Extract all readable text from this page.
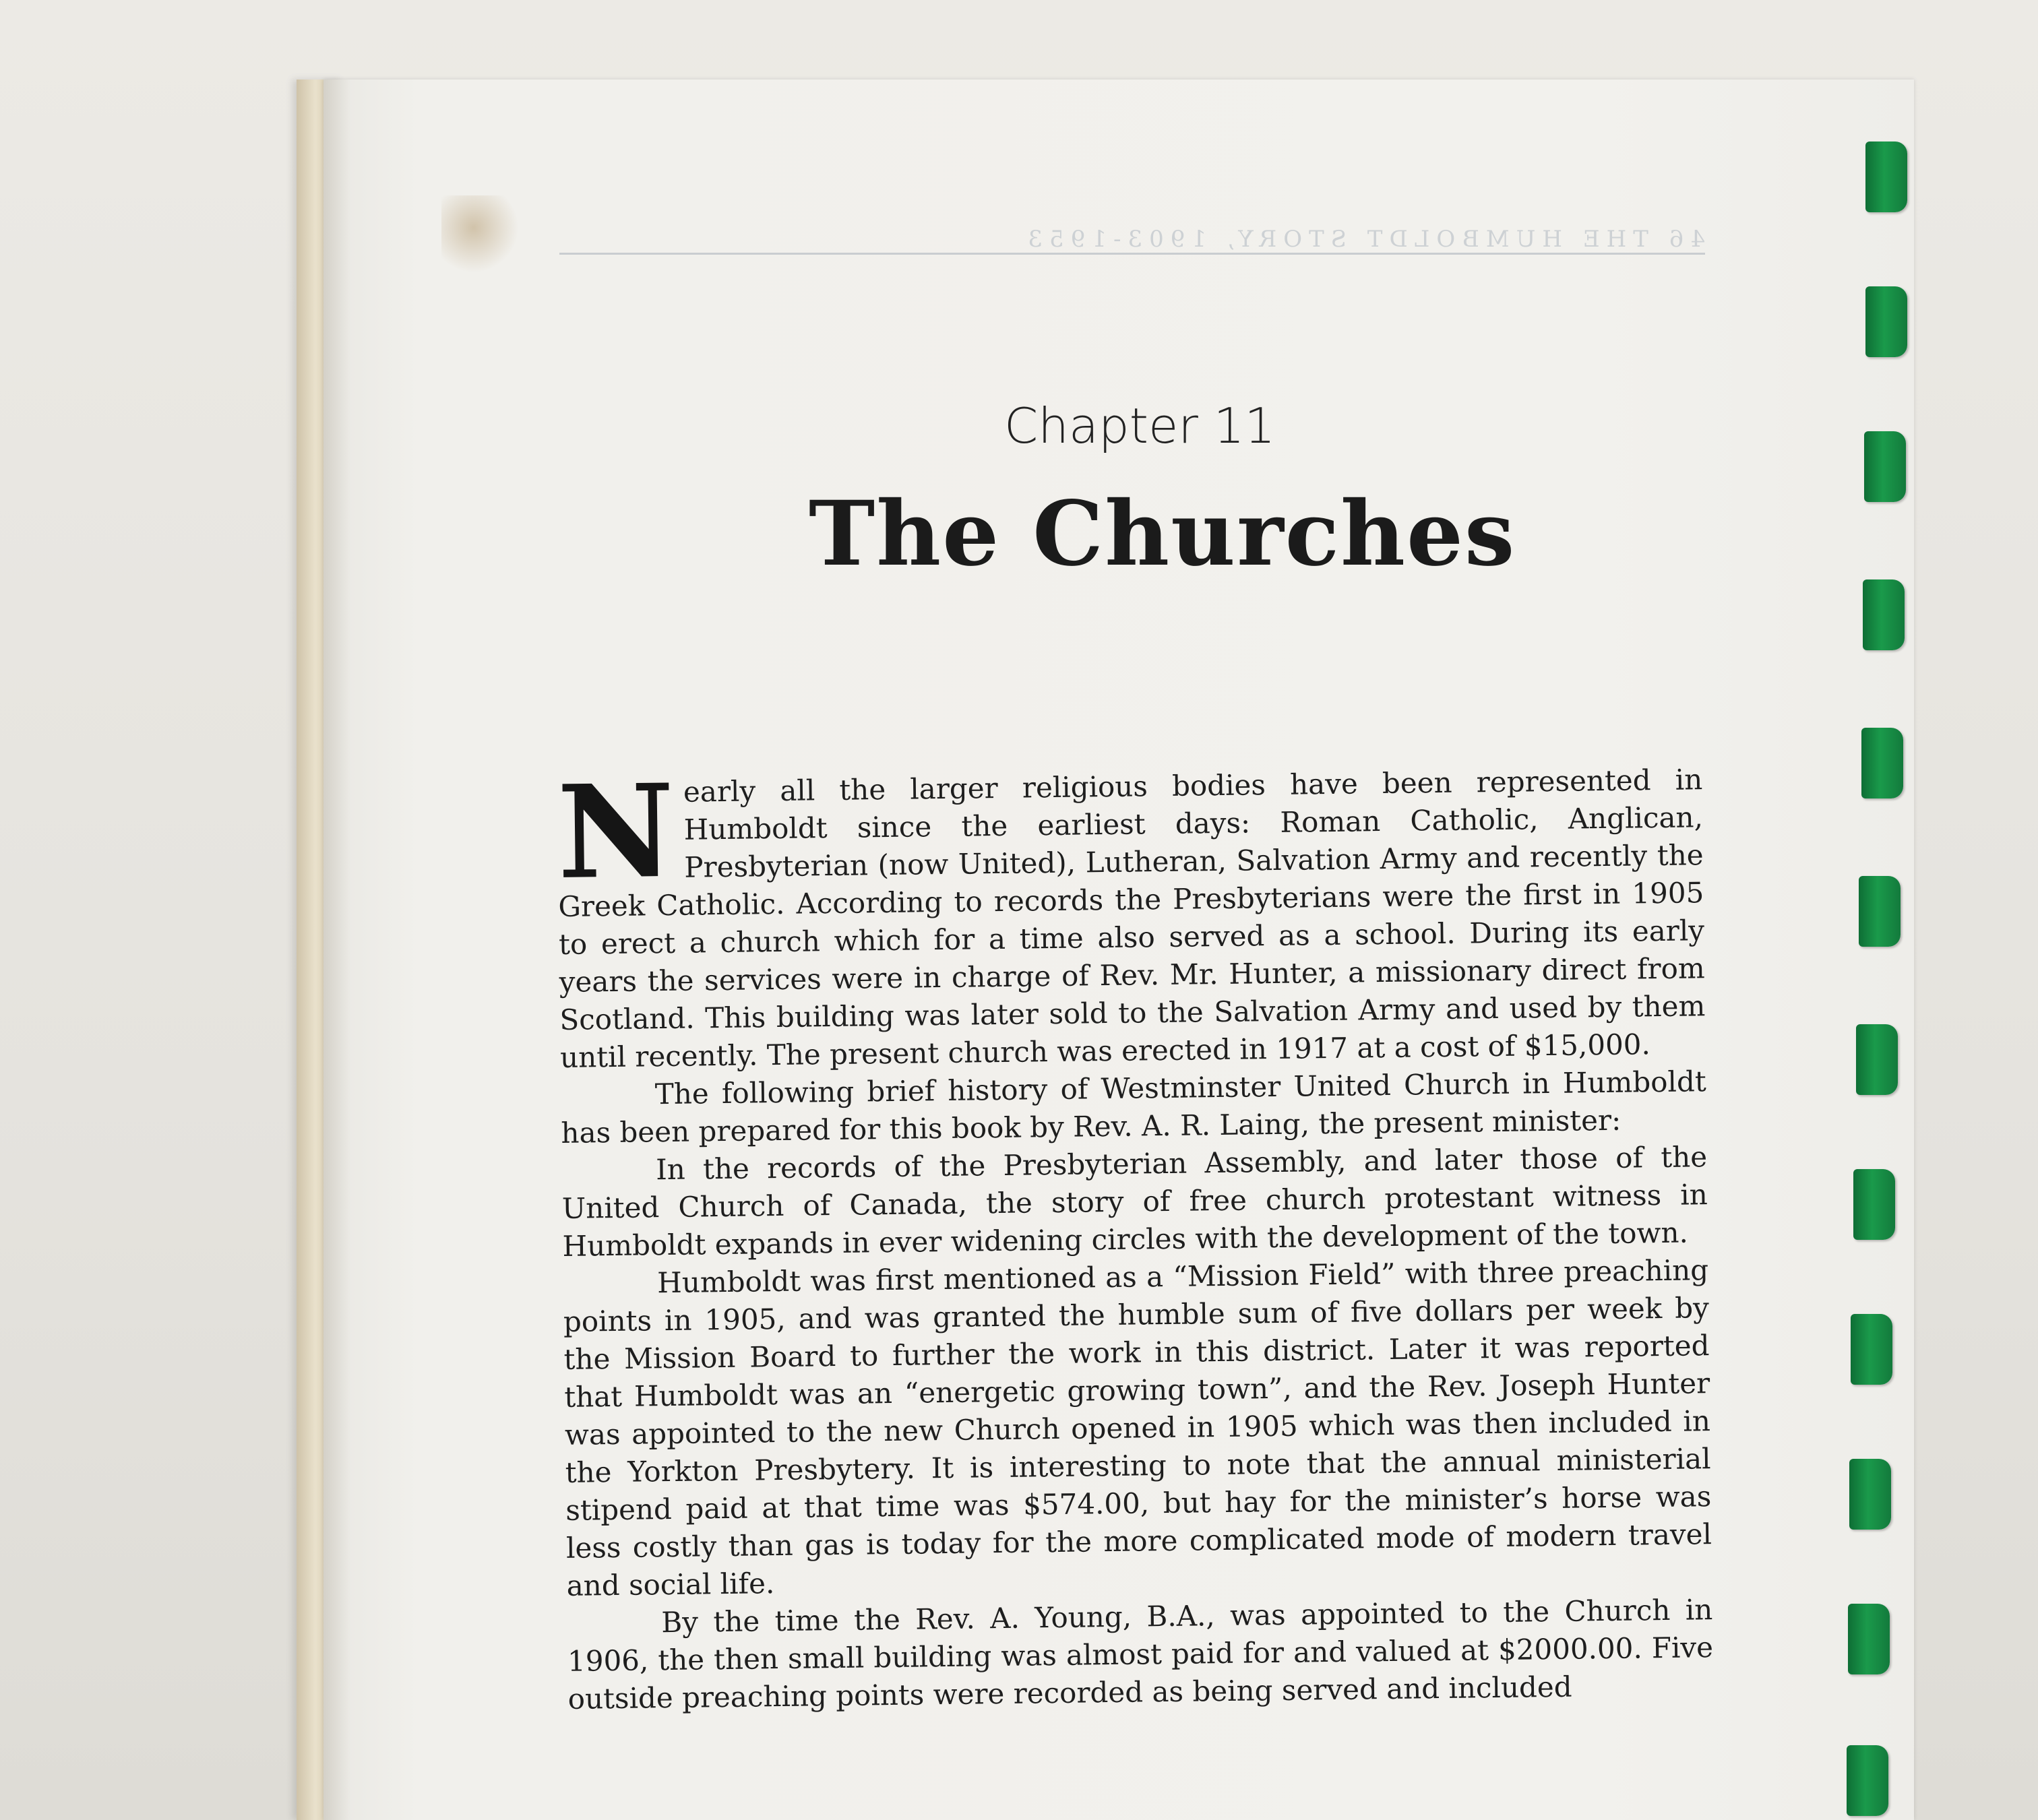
46 THE HUMBOLDT STORY, 1903-1953
Chapter 11
The Churches

Nearly all the larger religious bodies have been represented in Humboldt since the earliest days: Roman Catholic, Anglican, Presbyterian (now United), Lutheran, Salvation Army and recently the Greek Catholic. According to records the Presbyterians were the first in 1905 to erect a church which for a time also served as a school. During its early years the services were in charge of Rev. Mr. Hunter, a missionary direct from Scotland. This building was later sold to the Salvation Army and used by them until recently. The present church was erected in 1917 at a cost of $15,000.

The following brief history of Westminster United Church in Humboldt has been prepared for this book by Rev. A. R. Laing, the present minister:

In the records of the Presbyterian Assembly, and later those of the United Church of Canada, the story of free church protestant witness in Humboldt expands in ever widening circles with the development of the town.

Humboldt was first mentioned as a “Mission Field” with three preaching points in 1905, and was granted the humble sum of five dollars per week by the Mission Board to further the work in this district. Later it was reported that Humboldt was an “energetic growing town”, and the Rev. Joseph Hunter was appointed to the new Church opened in 1905 which was then included in the Yorkton Presbytery. It is interesting to note that the annual ministerial stipend paid at that time was $574.00, but hay for the minister’s horse was less costly than gas is today for the more complicated mode of modern travel and social life.

By the time the Rev. A. Young, B.A., was appointed to the Church in 1906, the then small building was almost paid for and valued at $2000.00. Five outside preaching points were recorded as being served and included
